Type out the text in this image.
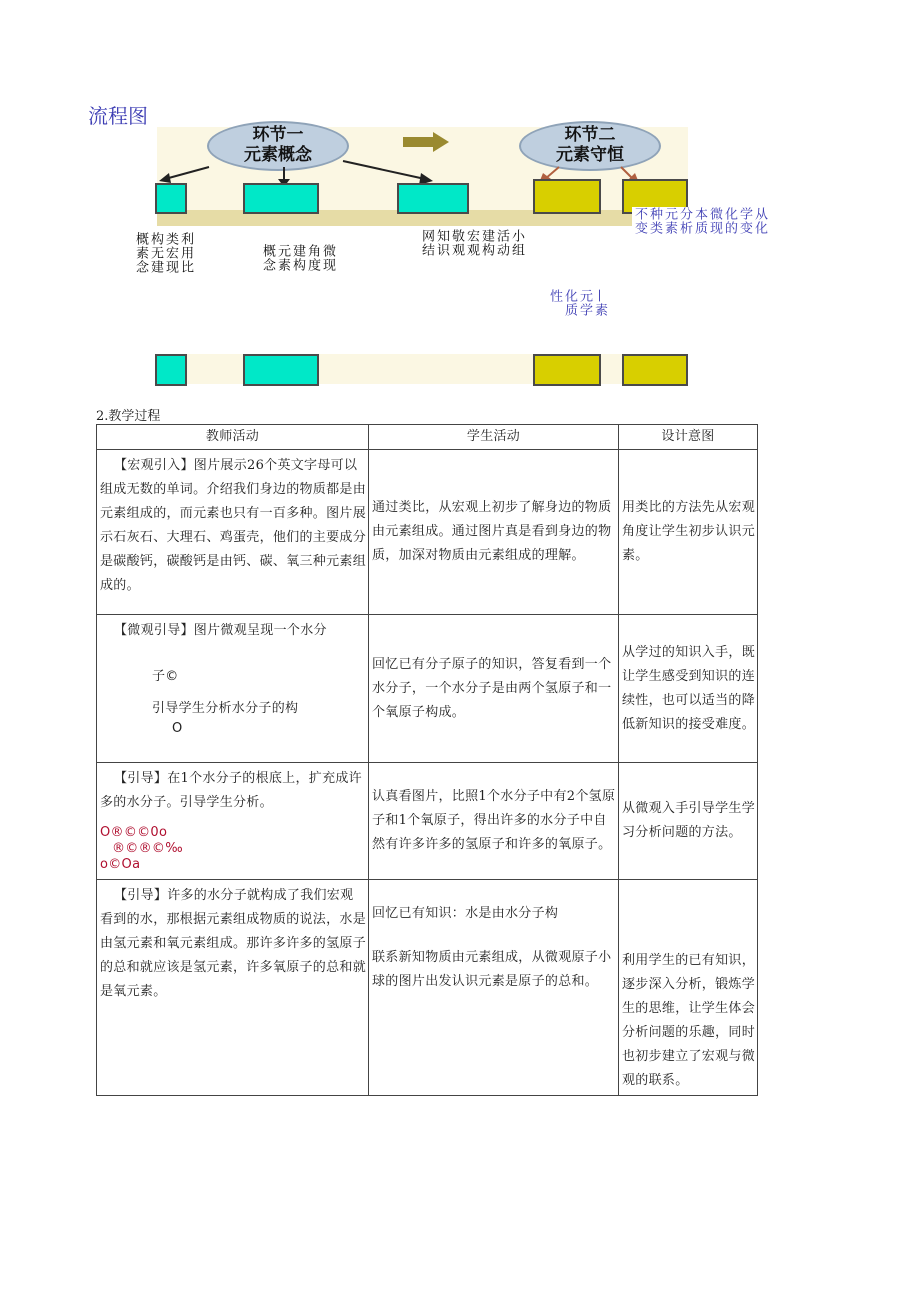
流程图
环节一
元素概念
环节二
元素守恒
利用比
类宏现
构无建
概素念	微现
角度
建构
元素
概念
小组
活动
建构
宏观
敬观
知识
网结
—素
元学
化质
性
从化
学变
化的
微现
本质
分析
元素
种类
不变
2.教学过程
教师活动	学生活动	设计意图
【宏观引入】图片展示26个英文字母可以组成无数的单词。介绍我们身边的物质都是由元素组成的，而元素也只有一百多种。图片展示石灰石、大理石、鸡蛋壳，他们的主要成分是碳酸钙，碳酸钙是由钙、碳、氧三种元素组成的。	通过类比，从宏观上初步了解身边的物质由元素组成。通过图片真是看到身边的物质，加深对物质由元素组成的理解。	用类比的方法先从宏观角度让学生初步认识元素。

【微观引导】图片微观呈现一个水分
子©
引导学生分析水分子的构
O	回忆已有分子原子的知识，答复看到一个水分子，一个水分子是由两个氢原子和一个氧原子构成。	从学过的知识入手，既让学生感受到知识的连续性，也可以适当的降低新知识的接受难度。

【引导】在1个水分子的根底上，扩充成许多的水分子。引导学生分析。
O®©©0o
®©®©‰
o©Oa	认真看图片，比照1个水分子中有2个氢原子和1个氧原子，得出许多的水分子中自然有许多许多的氢原子和许多的氧原子。	从微观入手引导学生学习分析问题的方法。
【引导】许多的水分子就构成了我们宏观看到的水，那根据元素组成物质的说法，水是由氢元素和氧元素组成。那许多许多的氢原子的总和就应该是氢元素，许多氧原子的总和就是氧元素。	回忆已有知识：水是由水分子构
联系新知物质由元素组成，从微观原子小球的图片出发认识元素是原子的总和。	利用学生的已有知识，逐步深入分析，锻炼学生的思维，让学生体会分析问题的乐趣，同时也初步建立了宏观与微观的联系。
